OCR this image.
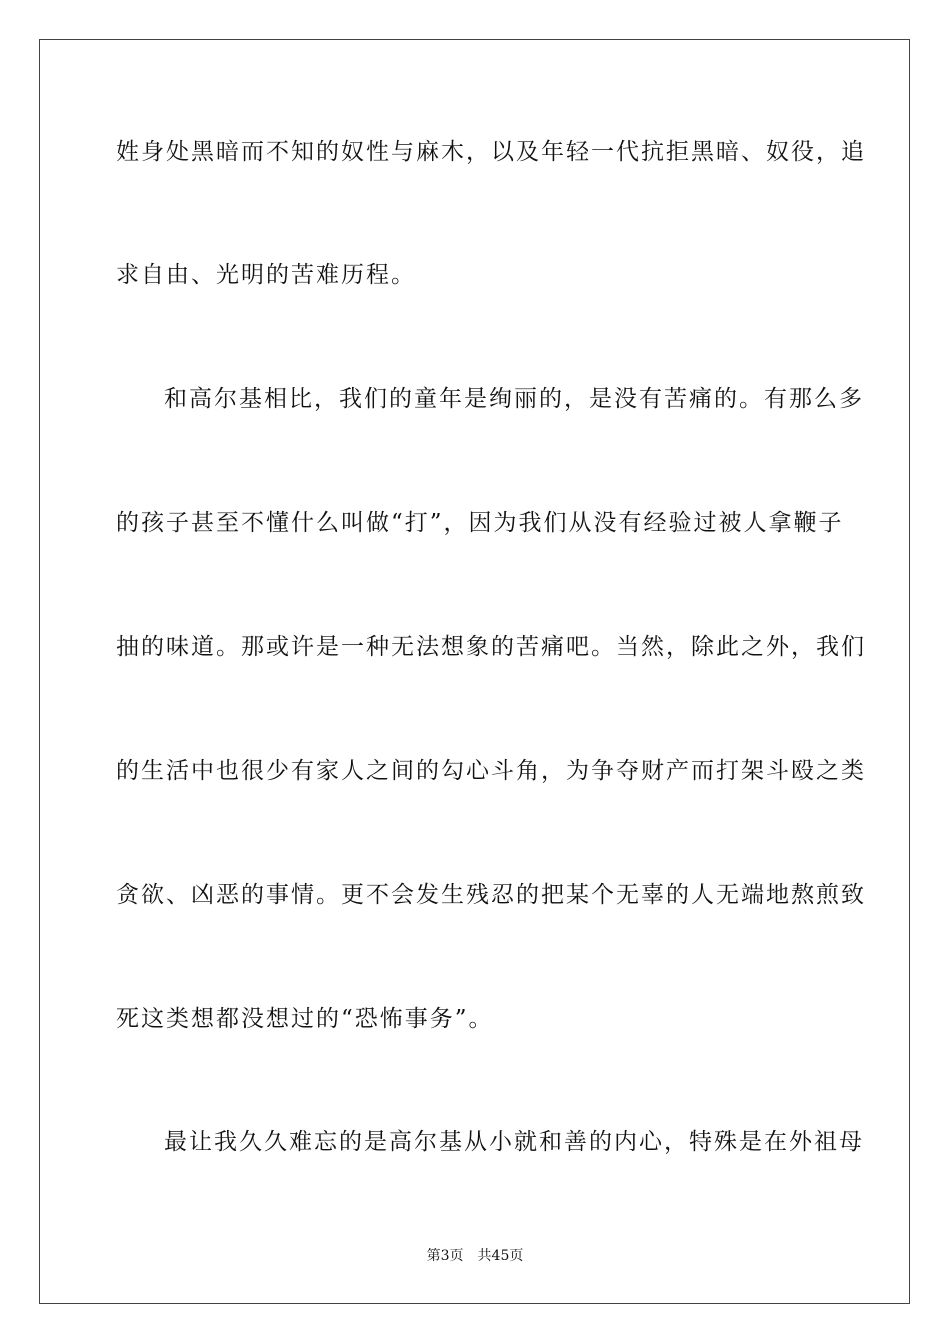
姓身处黑暗而不知的奴性与麻木，以及年轻一代抗拒黑暗、奴役，追
求自由、光明的苦难历程。
和高尔基相比，我们的童年是绚丽的，是没有苦痛的。有那么多
的孩子甚至不懂什么叫做“打”，因为我们从没有经验过被人拿鞭子
抽的味道。那或许是一种无法想象的苦痛吧。当然，除此之外，我们
的生活中也很少有家人之间的勾心斗角，为争夺财产而打架斗殴之类
贪欲、凶恶的事情。更不会发生残忍的把某个无辜的人无端地熬煎致
死这类想都没想过的“恐怖事务”。
最让我久久难忘的是高尔基从小就和善的内心，特殊是在外祖母
第3页 共45页
